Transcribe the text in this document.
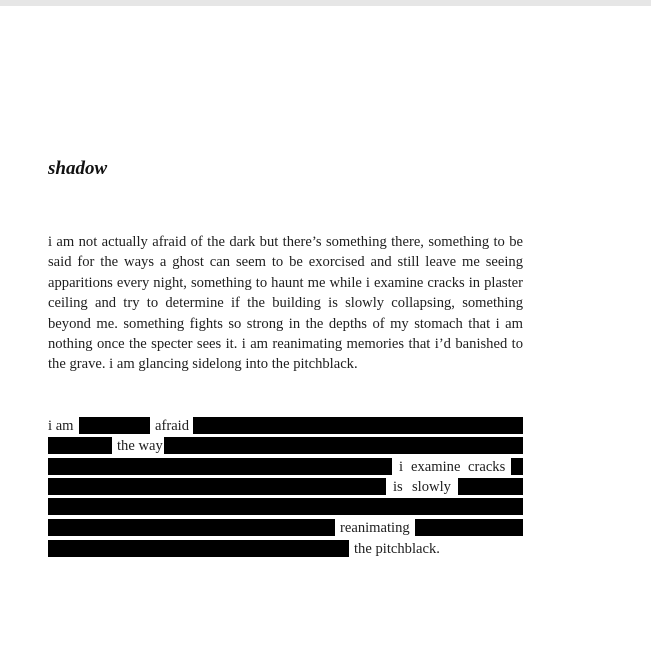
shadow

i am not actually afraid of the dark but there’s something there, something to be said for the ways a ghost can seem to be exorcised and still leave me seeing apparitions every night, something to haunt me while i examine cracks in plaster ceiling and try to determine if the building is slowly collapsing, something beyond me. something fights so strong in the depths of my stomach that i am nothing once the specter sees it. i am reanimating memories that i’d banished to the grave. i am glancing sidelong into the pitchblack.

i am	afraid
the way
i examine cracks
is slowly
reanimating
the pitchblack.
